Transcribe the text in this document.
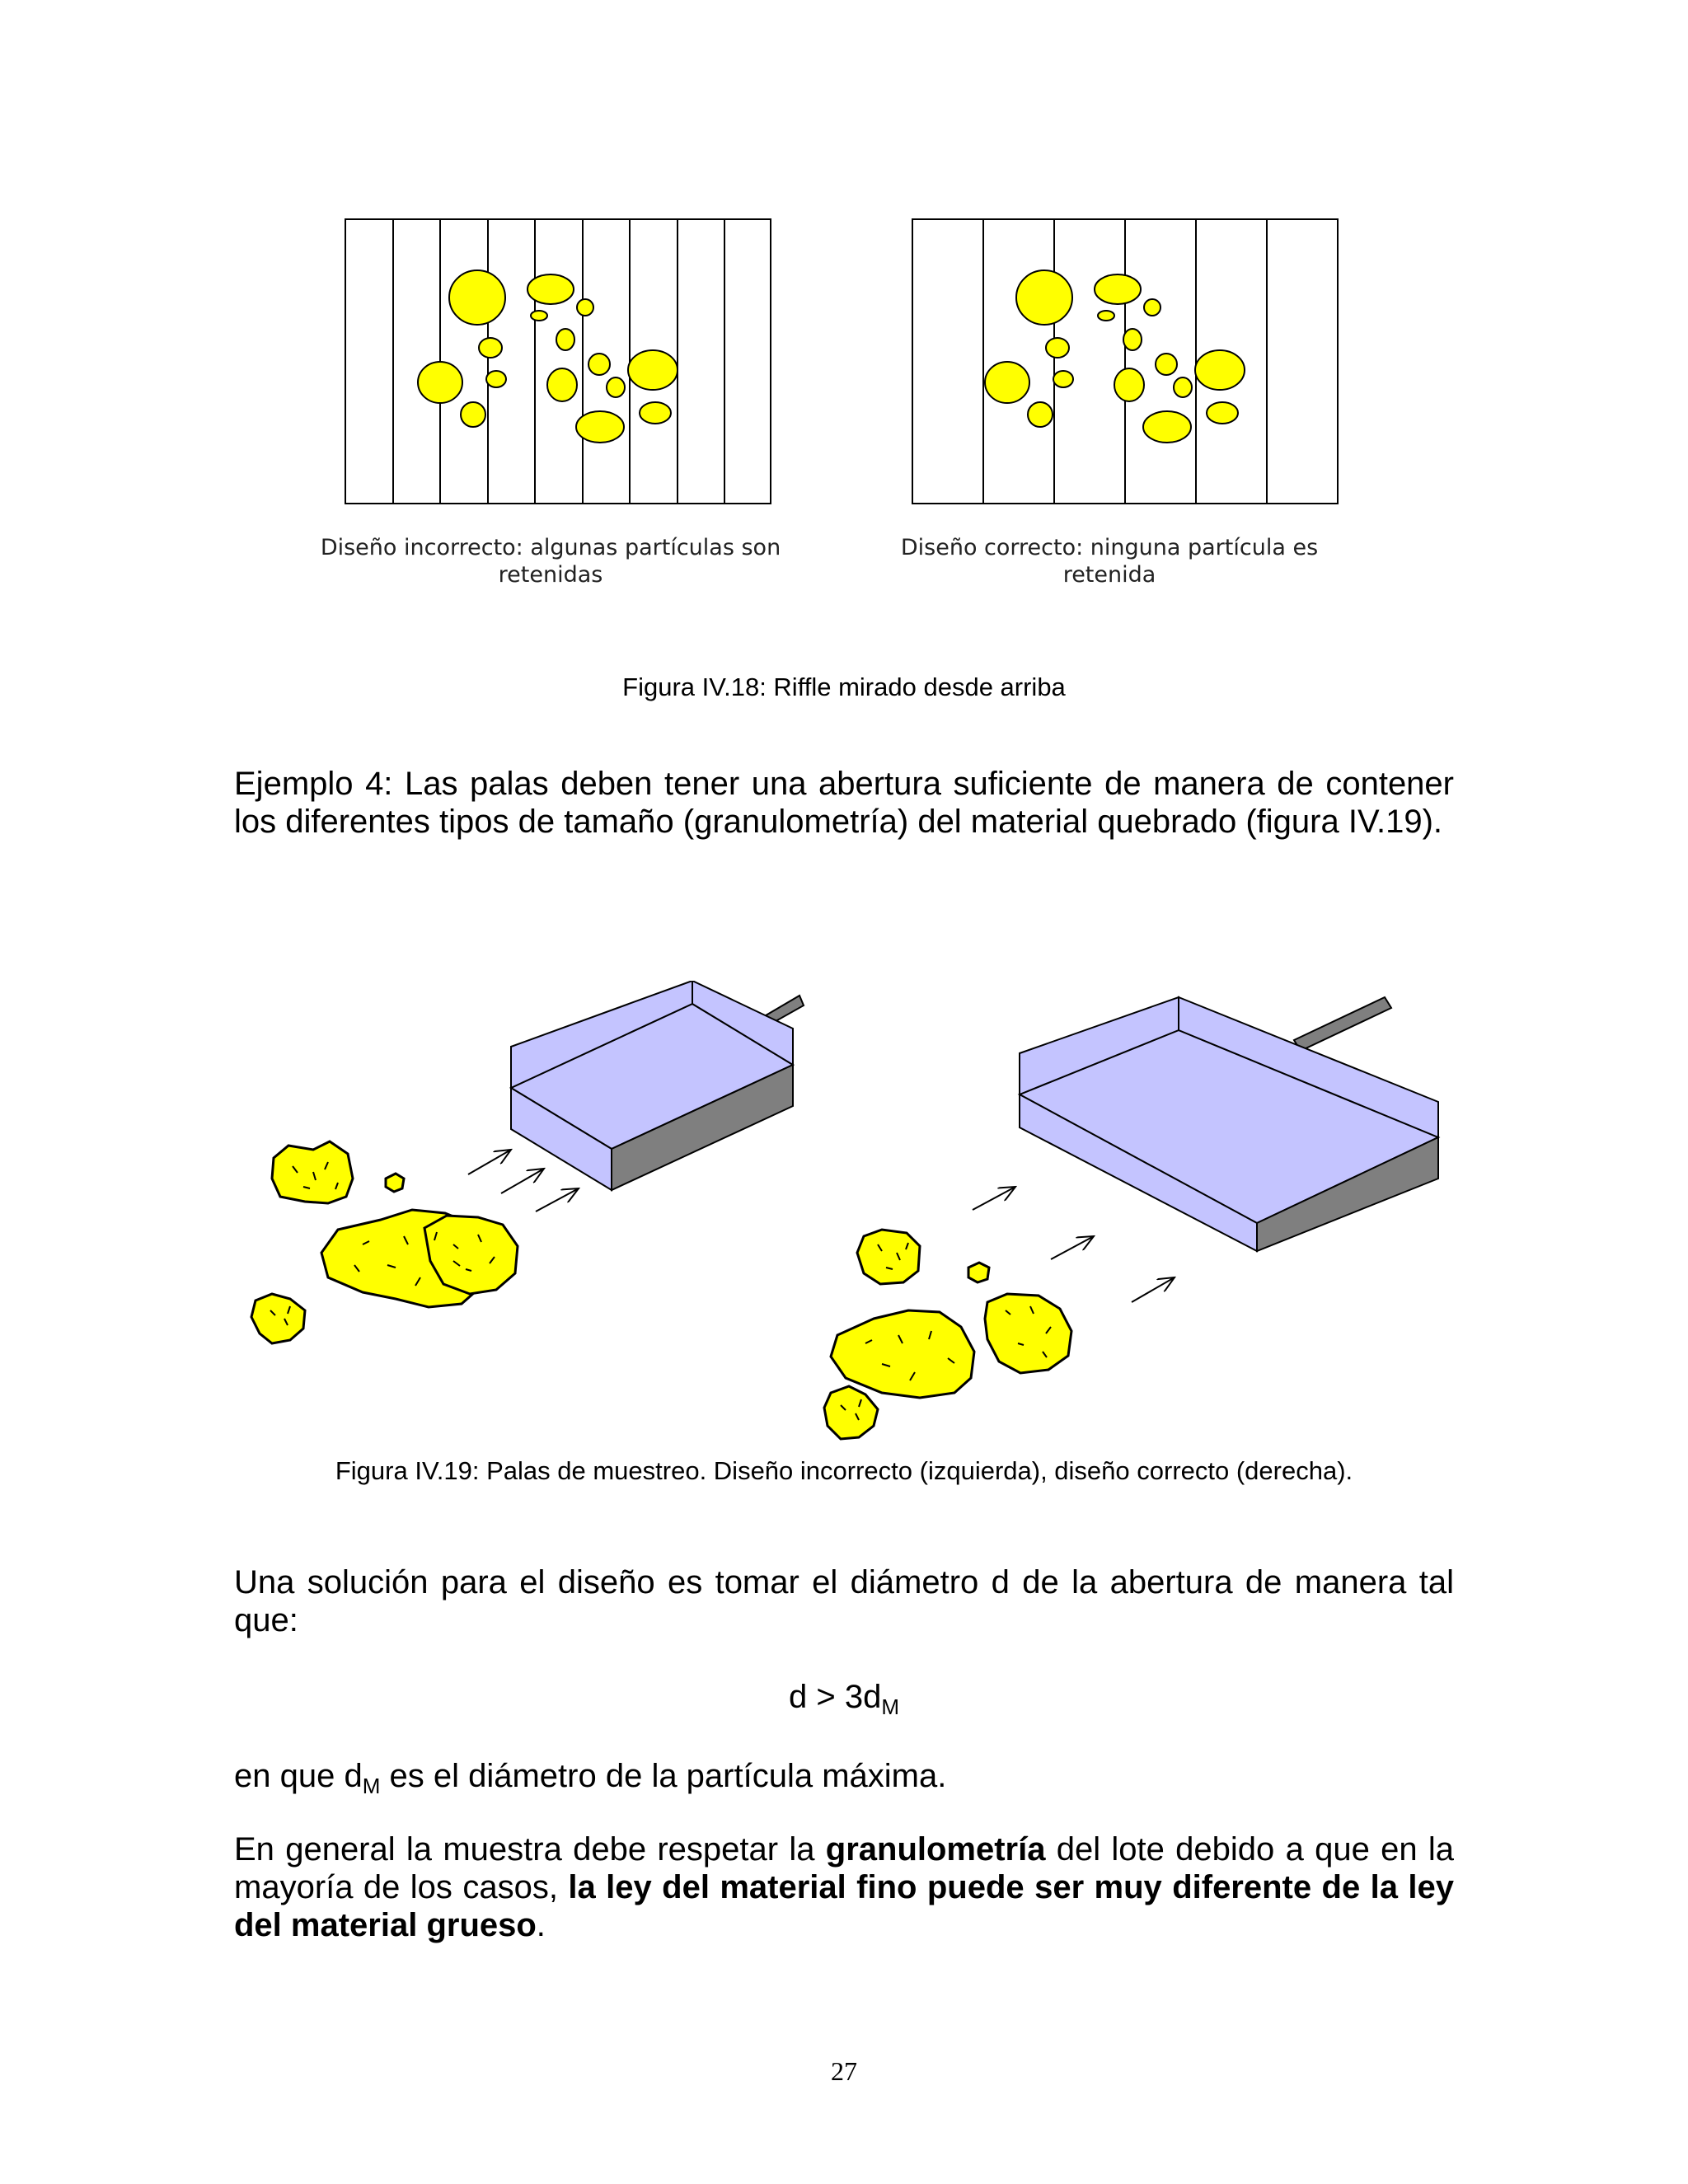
Diseño incorrecto: algunas partículas son
retenidas
Diseño correcto: ninguna partícula es
retenida
Figura IV.18: Riffle mirado desde arriba
Ejemplo 4: Las palas deben tener una abertura suficiente de manera de contener
los diferentes tipos de tamaño (granulometría) del material quebrado (figura IV.19).
Figura IV.19: Palas de muestreo. Diseño incorrecto (izquierda), diseño correcto (derecha).
Una solución para el diseño es tomar el diámetro d de la abertura de manera tal
que:
$d > 3d_M$
en que $d_M$ es el diámetro de la partícula máxima.
En general la muestra debe respetar la granulometría del lote debido a que en la
mayoría de los casos, la ley del material fino puede ser muy diferente de la ley
del material grueso.
27
